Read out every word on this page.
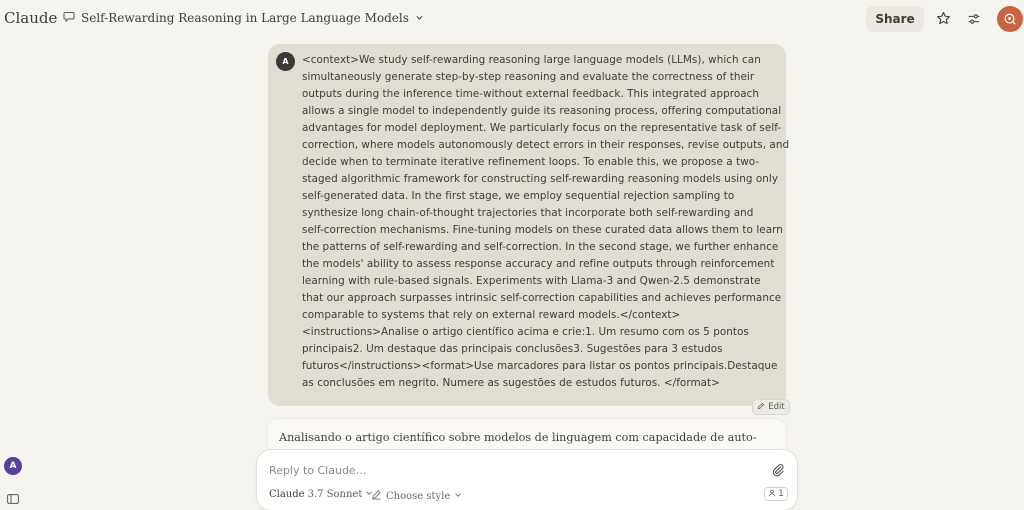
Claude Self-Rewarding Reasoning in Large Language Models	Share
A
A	<context>We study self-rewarding reasoning large language models (LLMs), which can
simultaneously generate step-by-step reasoning and evaluate the correctness of their
outputs during the inference time-without external feedback. This integrated approach
allows a single model to independently guide its reasoning process, offering computational
advantages for model deployment. We particularly focus on the representative task of self-
correction, where models autonomously detect errors in their responses, revise outputs, and
decide when to terminate iterative refinement loops. To enable this, we propose a two-
staged algorithmic framework for constructing self-rewarding reasoning models using only
self-generated data. In the first stage, we employ sequential rejection sampling to
synthesize long chain-of-thought trajectories that incorporate both self-rewarding and
self-correction mechanisms. Fine-tuning models on these curated data allows them to learn
the patterns of self-rewarding and self-correction. In the second stage, we further enhance
the models' ability to assess response accuracy and refine outputs through reinforcement
learning with rule-based signals. Experiments with Llama-3 and Qwen-2.5 demonstrate
that our approach surpasses intrinsic self-correction capabilities and achieves performance
comparable to systems that rely on external reward models.</context>
<instructions>Analise o artigo científico acima e crie:1. Um resumo com os 5 pontos
principais2. Um destaque das principais conclusões3. Sugestões para 3 estudos
futuros</instructions><format>Use marcadores para listar os pontos principais.Destaque
as conclusões em negrito. Numere as sugestões de estudos futuros. </format>
Edit
Analisando o artigo científico sobre modelos de linguagem com capacidade de auto-
Reply to Claude...
Claude 3.7 Sonnet Choose style	1
